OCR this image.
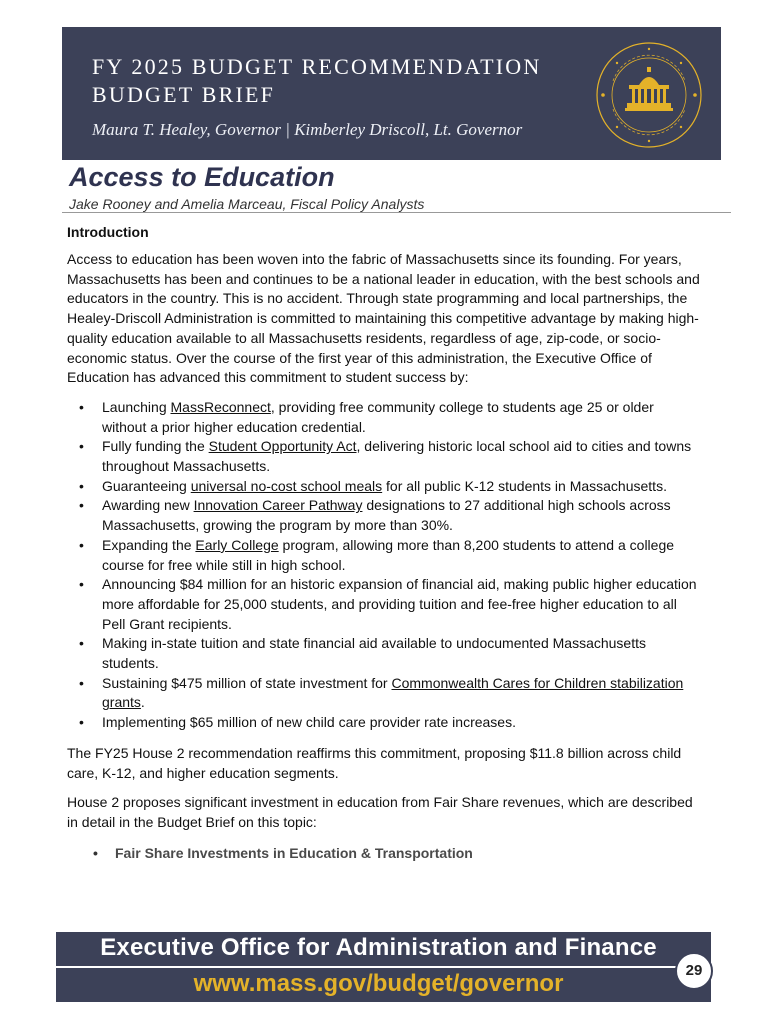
FY 2025 BUDGET RECOMMENDATION
BUDGET BRIEF
Maura T. Healey, Governor | Kimberley Driscoll, Lt. Governor
Access to Education
Jake Rooney and Amelia Marceau, Fiscal Policy Analysts
Introduction

Access to education has been woven into the fabric of Massachusetts since its founding. For years, Massachusetts has been and continues to be a national leader in education, with the best schools and educators in the country. This is no accident. Through state programming and local partnerships, the Healey-Driscoll Administration is committed to maintaining this competitive advantage by making high-quality education available to all Massachusetts residents, regardless of age, zip-code, or socio-economic status. Over the course of the first year of this administration, the Executive Office of Education has advanced this commitment to student success by:

• Launching MassReconnect, providing free community college to students age 25 or older without a prior higher education credential.
• Fully funding the Student Opportunity Act, delivering historic local school aid to cities and towns throughout Massachusetts.
• Guaranteeing universal no-cost school meals for all public K-12 students in Massachusetts.
• Awarding new Innovation Career Pathway designations to 27 additional high schools across Massachusetts, growing the program by more than 30%.
• Expanding the Early College program, allowing more than 8,200 students to attend a college course for free while still in high school.
• Announcing $84 million for an historic expansion of financial aid, making public higher education more affordable for 25,000 students, and providing tuition and fee-free higher education to all Pell Grant recipients.
• Making in-state tuition and state financial aid available to undocumented Massachusetts students.
• Sustaining $475 million of state investment for Commonwealth Cares for Children stabilization grants.
• Implementing $65 million of new child care provider rate increases.

The FY25 House 2 recommendation reaffirms this commitment, proposing $11.8 billion across child care, K-12, and higher education segments.

House 2 proposes significant investment in education from Fair Share revenues, which are described in detail in the Budget Brief on this topic:

• Fair Share Investments in Education & Transportation
Executive Office for Administration and Finance
www.mass.gov/budget/governor	29
